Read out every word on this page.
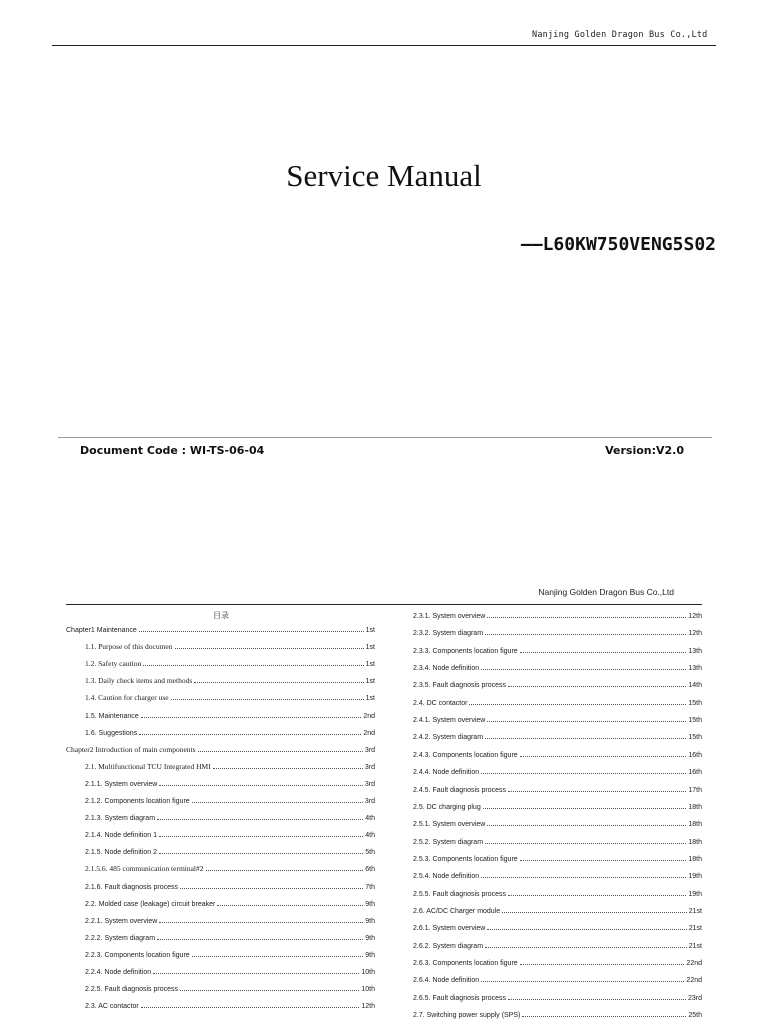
Nanjing Golden Dragon Bus Co.,Ltd
Service Manual
——L60KW750VENG5S02
Document Code : WI-TS-06-04	Version:V2.0
Nanjing Golden Dragon Bus Co.,Ltd
目录
Chapter1 Maintenance	1st
1.1. Purpose of this documen	1st
1.2. Safety caution	1st
1.3. Daily check items and methods	1st
1.4. Caution for charger use	1st
1.5. Maintenance	2nd
1.6. Suggestions	2nd
Chapter2 Introduction of main components	3rd
2.1. Multifunctional TCU Integrated HMI	3rd
2.1.1. System overview	3rd
2.1.2. Components location figure	3rd
2.1.3. System diagram	4th
2.1.4. Node definition 1	4th
2.1.5. Node definition 2	5th
2.1.5.6. 485 communication terminal#2	6th
2.1.6. Fault diagnosis process	7th
2.2. Molded case (leakage) circuit breaker	9th
2.2.1. System overview	9th
2.2.2. System diagram	9th
2.2.3. Components location figure	9th
2.2.4. Node definition	10th
2.2.5. Fault diagnosis process	10th
2.3. AC contactor	12th
2.3.1. System overview	12th
2.3.2. System diagram	12th
2.3.3. Components location figure	13th
2.3.4. Node definition	13th
2.3.5. Fault diagnosis process	14th
2.4. DC contactor	15th
2.4.1. System overview	15th
2.4.2. System diagram	15th
2.4.3. Components location figure	16th
2.4.4. Node definition	16th
2.4.5. Fault diagnosis process	17th
2.5. DC charging plug	18th
2.5.1. System overview	18th
2.5.2. System diagram	18th
2.5.3. Components location figure	18th
2.5.4. Node definition	19th
2.5.5. Fault diagnosis process	19th
2.6. AC/DC Charger module	21st
2.6.1. System overview	21st
2.6.2. System diagram	21st
2.6.3. Components location figure	22nd
2.6.4. Node definition	22nd
2.6.5. Fault diagnosis process	23rd
2.7. Switching power supply (SPS)	25th
